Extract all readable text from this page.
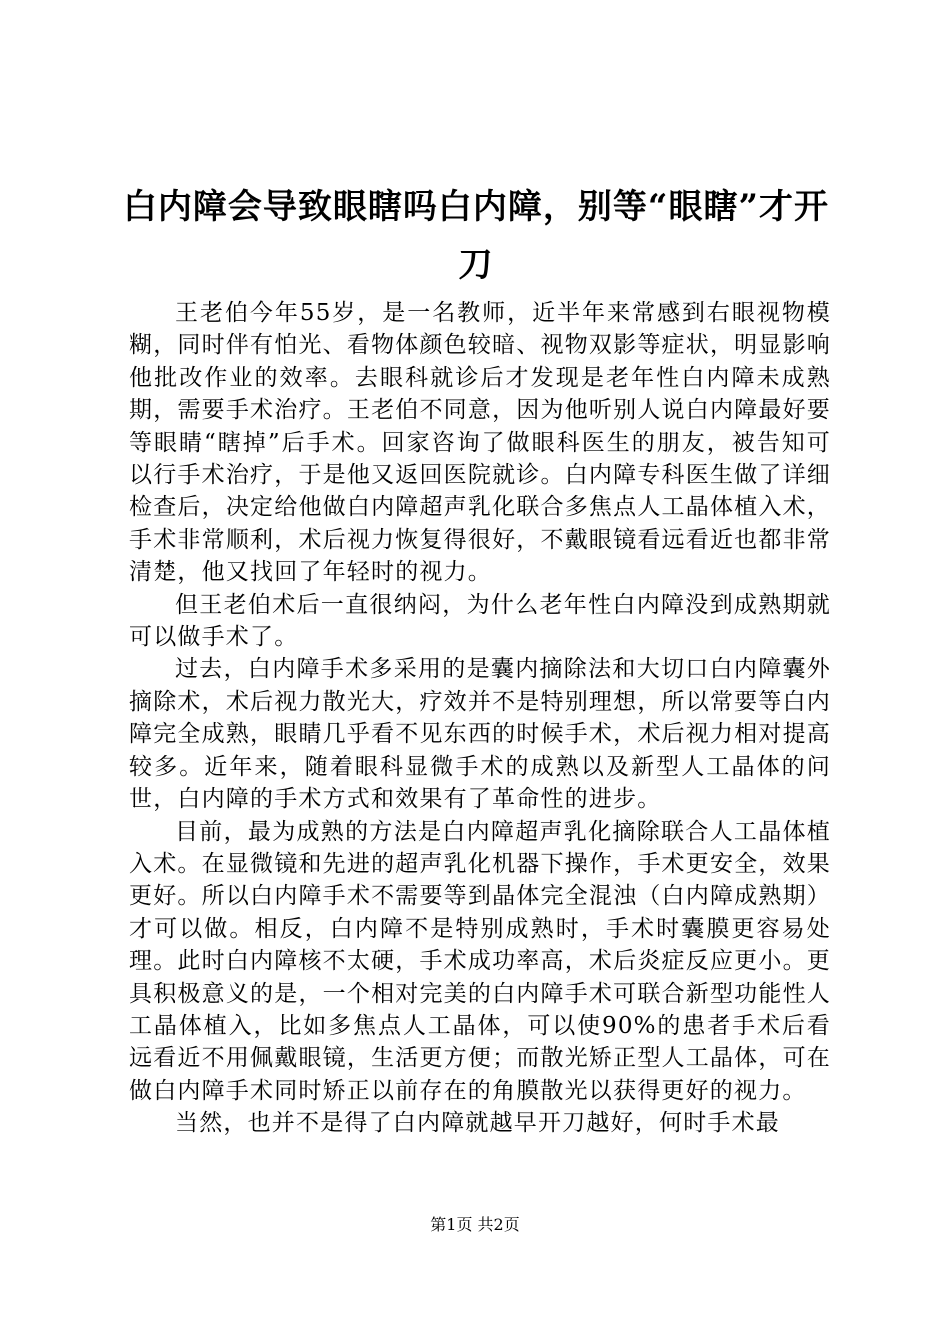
白内障会导致眼瞎吗白内障，别等“眼瞎”才开刀

王老伯今年55岁，是一名教师，近半年来常感到右眼视物模糊，同时伴有怕光、看物体颜色较暗、视物双影等症状，明显影响他批改作业的效率。去眼科就诊后才发现是老年性白内障未成熟期，需要手术治疗。王老伯不同意，因为他听别人说白内障最好要等眼睛“瞎掉”后手术。回家咨询了做眼科医生的朋友，被告知可以行手术治疗，于是他又返回医院就诊。白内障专科医生做了详细检查后，决定给他做白内障超声乳化联合多焦点人工晶体植入术，手术非常顺利，术后视力恢复得很好，不戴眼镜看远看近也都非常清楚，他又找回了年轻时的视力。

但王老伯术后一直很纳闷，为什么老年性白内障没到成熟期就可以做手术了。

过去，白内障手术多采用的是囊内摘除法和大切口白内障囊外摘除术，术后视力散光大，疗效并不是特别理想，所以常要等白内障完全成熟，眼睛几乎看不见东西的时候手术，术后视力相对提高较多。近年来，随着眼科显微手术的成熟以及新型人工晶体的问世，白内障的手术方式和效果有了革命性的进步。

目前，最为成熟的方法是白内障超声乳化摘除联合人工晶体植入术。在显微镜和先进的超声乳化机器下操作，手术更安全，效果更好。所以白内障手术不需要等到晶体完全混浊（白内障成熟期）才可以做。相反，白内障不是特别成熟时，手术时囊膜更容易处理。此时白内障核不太硬，手术成功率高，术后炎症反应更小。更具积极意义的是，一个相对完美的白内障手术可联合新型功能性人工晶体植入，比如多焦点人工晶体，可以使90%的患者手术后看远看近不用佩戴眼镜，生活更方便；而散光矫正型人工晶体，可在做白内障手术同时矫正以前存在的角膜散光以获得更好的视力。

当然，也并不是得了白内障就越早开刀越好，何时手术最

第1页 共2页
